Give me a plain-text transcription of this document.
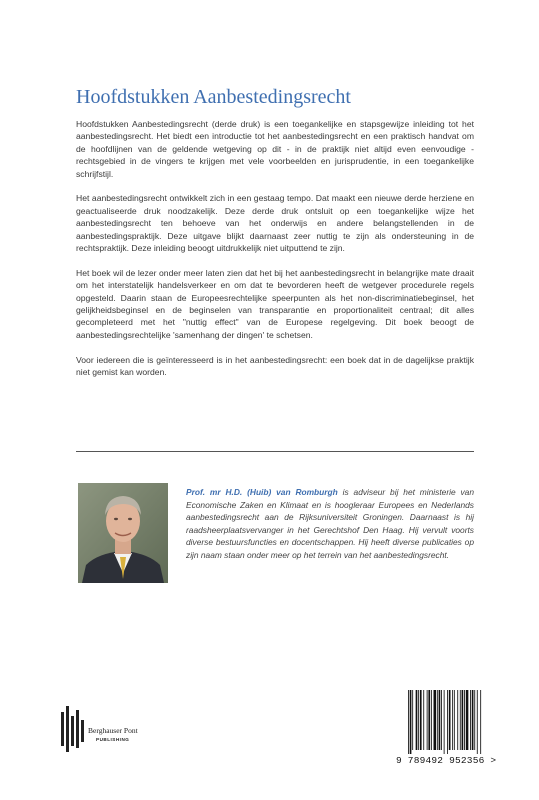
Hoofdstukken Aanbestedingsrecht

Hoofdstukken Aanbestedingsrecht (derde druk) is een toegankelijke en stapsgewijze inleiding tot het aanbestedingsrecht. Het biedt een introductie tot het aanbestedingsrecht en een praktisch handvat om de hoofdlijnen van de geldende wetgeving op dit - in de praktijk niet altijd even eenvoudige - rechtsgebied in de vingers te krijgen met vele voorbeelden en jurisprudentie, in een toegankelijke schrijfstijl.

Het aanbestedingsrecht ontwikkelt zich in een gestaag tempo. Dat maakt een nieuwe derde herziene en geactualiseerde druk noodzakelijk. Deze derde druk ontsluit op een toegankelijke wijze het aanbestedingsrecht ten behoeve van het onderwijs en andere belangstellenden in de aanbestedingspraktijk. Deze uitgave blijkt daarnaast zeer nuttig te zijn als ondersteuning in de rechtspraktijk. Deze inleiding beoogt uitdrukkelijk niet uitputtend te zijn.

Het boek wil de lezer onder meer laten zien dat het bij het aanbestedingsrecht in belangrijke mate draait om het interstatelijk handelsverkeer en om dat te bevorderen heeft de wetgever procedurele regels opgesteld. Daarin staan de Europeesrechtelijke speerpunten als het non-discriminatiebeginsel, het gelijkheidsbeginsel en de beginselen van transparantie en proportionaliteit centraal; dit alles gecompleteerd met het "nuttig effect" van de Europese regelgeving. Dit boek beoogt de aanbestedingsrechtelijke 'samenhang der dingen' te schetsen.

Voor iedereen die is geïnteresseerd is in het aanbestedingsrecht: een boek dat in de dagelijkse praktijk niet gemist kan worden.

Prof. mr H.D. (Huib) van Romburgh is adviseur bij het ministerie van Economische Zaken en Klimaat en is hoogleraar Europees en Nederlands aanbestedingsrecht aan de Rijksuniversiteit Groningen. Daarnaast is hij raadsheerplaatsvervanger in het Gerechtshof Den Haag. Hij vervult voorts diverse bestuursfuncties en docentschappen. Hij heeft diverse publicaties op zijn naam staan onder meer op het terrein van het aanbestedingsrecht.
Berghauser Pont
PUBLISHING
9 789492 952356 >
